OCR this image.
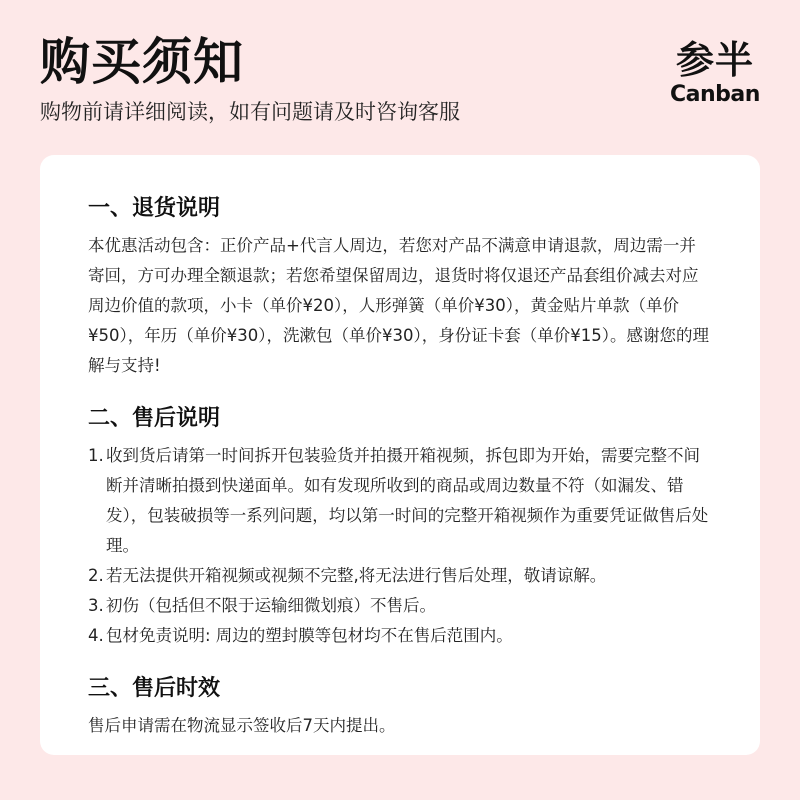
购买须知
购物前请详细阅读，如有问题请及时咨询客服
参半
Canban
一、退货说明

本优惠活动包含：正价产品+代言人周边，若您对产品不满意申请退款，周边需一并寄回，方可办理全额退款；若您希望保留周边，退货时将仅退还产品套组价减去对应周边价值的款项，小卡（单价¥20），人形弹簧（单价¥30），黄金贴片单款（单价¥50），年历（单价¥30），洗漱包（单价¥30），身份证卡套（单价¥15）。感谢您的理解与支持!

二、售后说明
1. 收到货后请第一时间拆开包装验货并拍摄开箱视频，拆包即为开始，需要完整不间断并清晰拍摄到快递面单。如有发现所收到的商品或周边数量不符（如漏发、错发），包装破损等一系列问题，均以第一时间的完整开箱视频作为重要凭证做售后处理。
2. 若无法提供开箱视频或视频不完整,将无法进行售后处理，敬请谅解。
3. 初伤（包括但不限于运输细微划痕）不售后。
4. 包材免责说明: 周边的塑封膜等包材均不在售后范围内。
三、售后时效

售后申请需在物流显示签收后7天内提出。
